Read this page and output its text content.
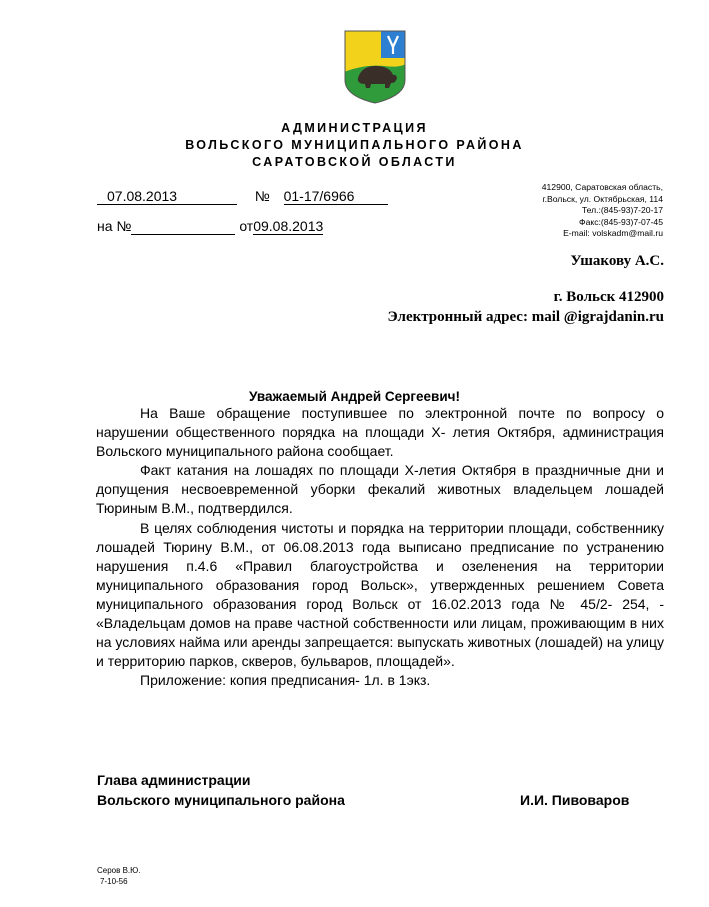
АДМИНИСТРАЦИЯ
ВОЛЬСКОГО МУНИЦИПАЛЬНОГО РАЙОНА
САРАТОВСКОЙ ОБЛАСТИ
07.08.2013	№ 01-17/6966
на №	от09.08.2013
412900, Саратовская область,
г.Вольск, ул. Октябрьская, 114
Тел.:(845-93)7-20-17
Факс:(845-93)7-07-45
E-mail: volskadm@mail.ru
Ушакову А.С.
г. Вольск 412900
Электронный адрес: mail @igrajdanin.ru
Уважаемый Андрей Сергеевич!

На Ваше обращение поступившее по электронной почте по вопросу о нарушении общественного порядка на площади Х- летия Октября, администрация Вольского муниципального района сообщает.

Факт катания на лошадях по площади Х-летия Октября в праздничные дни и допущения несвоевременной уборки фекалий животных владельцем лошадей Тюриным В.М., подтвердился.

В целях соблюдения чистоты и порядка на территории площади, собственнику лошадей Тюрину В.М., от 06.08.2013 года выписано предписание по устранению нарушения п.4.6 «Правил благоустройства и озеленения на территории муниципального образования город Вольск», утвержденных решением Совета муниципального образования город Вольск от 16.02.2013 года № 45/2- 254, - «Владельцам домов на праве частной собственности или лицам, проживающим в них на условиях найма или аренды запрещается: выпускать животных (лошадей) на улицу и территорию парков, скверов, бульваров, площадей».

Приложение: копия предписания- 1л. в 1экз.

Глава администрации
Вольского муниципального района	И.И. Пивоваров
Серов В.Ю.
7-10-56
